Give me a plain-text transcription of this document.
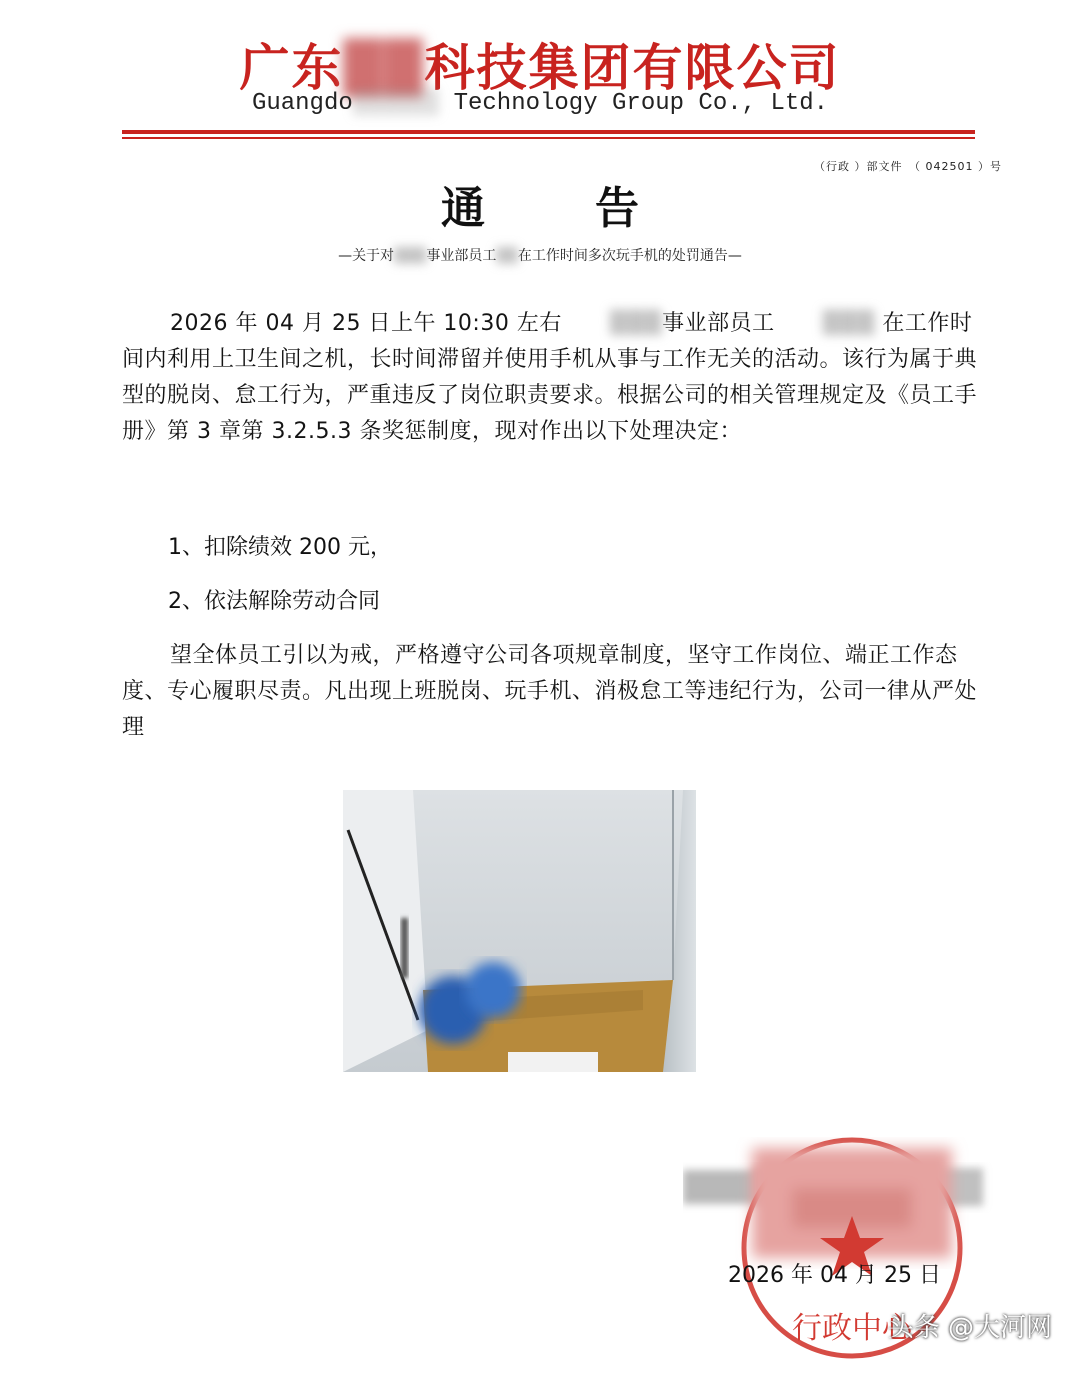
广东██科技集团有限公司
Guangdo▒▒▒▒▒▒ Technology Group Co., Ltd.
（行政 ）部文件　（ 042501 ）号
通告
—关于对▒▒▒事业部员工▒▒在工作时间多次玩手机的处罚通告—
2026 年 04 月 25 日上午 10:30 左右 ▒▒▒事业部员工 ▒▒▒ 在工作时间内利用上卫生间之机，长时间滞留并使用手机从事与工作无关的活动。该行为属于典型的脱岗、怠工行为，严重违反了岗位职责要求。根据公司的相关管理规定及《员工手册》第 3 章第 3.2.5.3 条奖惩制度，现对作出以下处理决定：
1、扣除绩效 200 元，
2、依法解除劳动合同
望全体员工引以为戒，严格遵守公司各项规章制度，坚守工作岗位、端正工作态度、专心履职尽责。凡出现上班脱岗、玩手机、消极怠工等违纪行为，公司一律从严处理
行政中心
2026 年 04 月 25 日
头条 @大河网
